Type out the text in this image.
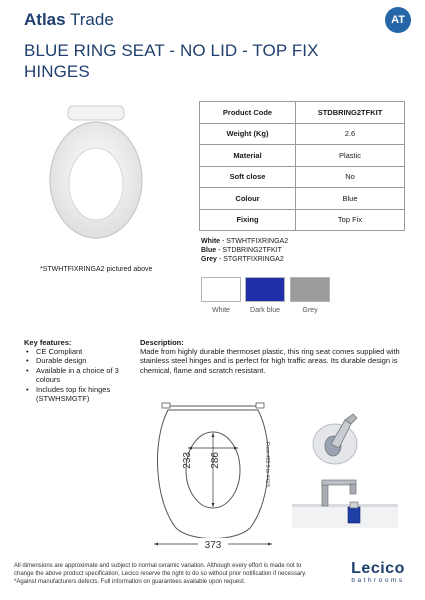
Atlas Trade	AT
BLUE RING SEAT - NO LID - TOP FIX HINGES
Product Code	STDBRING2TFKIT
Weight (Kg)	2.6
Material	Plastic
Soft close	No
Colour	Blue
Fixing	Top Fix
White - STWHTFIXRINGA2
Blue - STDBRING2TFKIT
Grey - STGRTFIXRINGA2
*STWHTFIXRINGA2 pictured above
White	Dark blue	Grey
Key features:
• CE Compliant
• Durable design
• Available in a choice of 3 colours
• Includes top fix hinges (STWHSMGTF)
Description:
Made from highly durable thermoset plastic, this ring seat comes supplied with stainless steel hinges and is perfect for high traffic areas. Its durable design is chemical, flame and scratch resistant.
233 286
373
From 422.5 to 442.5
All dimensions are approximate and subject to normal ceramic variation. Although every effort is made not to change the above product specification, Lecico reserve the right to do so without prior notification if necessary. *Against manufacturers defects. Full information on guarantees available upon request.
Lecico
bathrooms
